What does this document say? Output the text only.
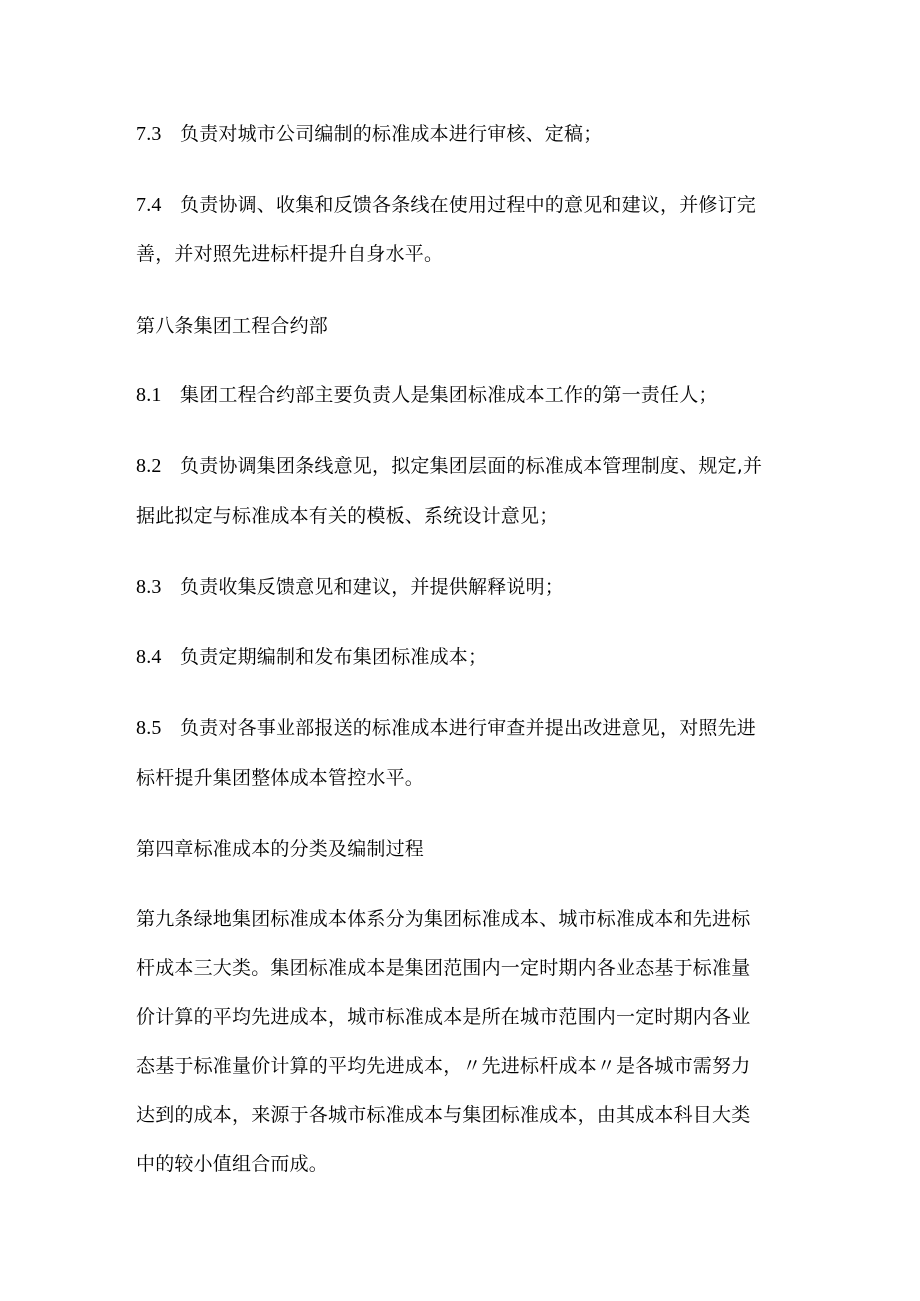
7.3 负责对城市公司编制的标准成本进行审核、定稿；
7.4 负责协调、收集和反馈各条线在使用过程中的意见和建议，并修订完
善，并对照先进标杆提升自身水平。
第八条集团工程合约部
8.1 集团工程合约部主要负责人是集团标准成本工作的第一责任人；
8.2 负责协调集团条线意见，拟定集团层面的标准成本管理制度、规定,并
据此拟定与标准成本有关的模板、系统设计意见；
8.3 负责收集反馈意见和建议，并提供解释说明；
8.4 负责定期编制和发布集团标准成本；
8.5 负责对各事业部报送的标准成本进行审查并提出改进意见，对照先进
标杆提升集团整体成本管控水平。
第四章标准成本的分类及编制过程
第九条绿地集团标准成本体系分为集团标准成本、城市标准成本和先进标
杆成本三大类。集团标准成本是集团范围内一定时期内各业态基于标准量
价计算的平均先进成本，城市标准成本是所在城市范围内一定时期内各业
态基于标准量价计算的平均先进成本，〃先进标杆成本〃是各城市需努力
达到的成本，来源于各城市标准成本与集团标准成本，由其成本科目大类
中的较小值组合而成。
